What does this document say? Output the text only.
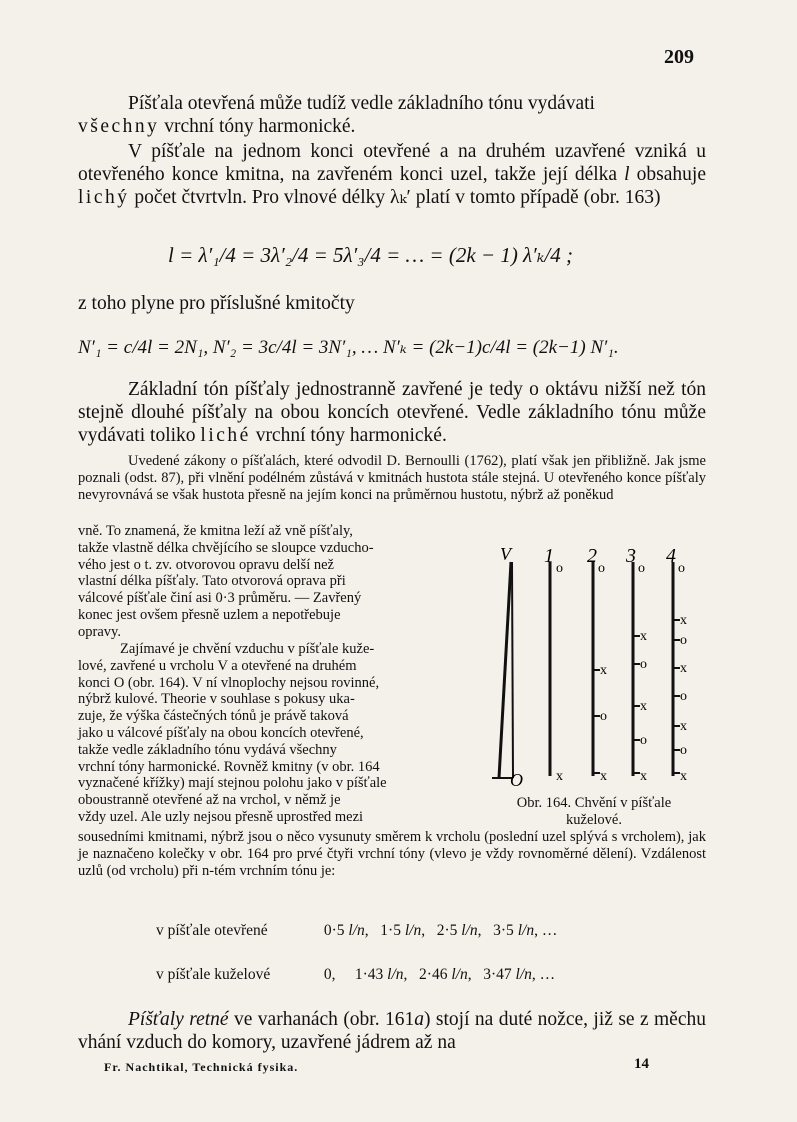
209

Píšťala otevřená může tudíž vedle základního tónu vydávati
všechny vrchní tóny harmonické.

V píšťale na jednom konci otevřené a na druhém uzavřené vzniká u otevřeného konce kmitna, na zavřeném konci uzel, takže její délka l obsahuje lichý počet čtvrtvln. Pro vlnové délky λₖ′ platí v tomto případě (obr. 163)

l = λ′₁/4 = 3λ′₂/4 = 5λ′₃/4 = … = (2k − 1) λ′ₖ/4 ;

z toho plyne pro příslušné kmitočty

N′₁ = c/4l = 2N₁, N′₂ = 3c/4l = 3N′₁, … N′ₖ = (2k−1)c/4l = (2k−1) N′₁.

Základní tón píšťaly jednostranně zavřené je tedy o oktávu nižší než tón stejně dlouhé píšťaly na obou koncích otevřené. Vedle základního tónu může vydávati toliko liché vrchní tóny harmonické.

Uvedené zákony o píšťalách, které odvodil D. Bernoulli (1762), platí však jen přibližně. Jak jsme poznali (odst. 87), při vlnění podélném zůstává v kmitnách hustota stále stejná. U otevřeného konce píšťaly nevyrovnává se však hustota přesně na jejím konci na průměrnou hustotu, nýbrž až poněkud
vně. To znamená, že kmitna leží až vně píšťaly,
takže vlastně délka chvějícího se sloupce vzducho-
vého jest o t. zv. otvorovou opravu delší než
vlastní délka píšťaly. Tato otvorová oprava při
válcové píšťale činí asi 0·3 průměru. — Zavřený
konec jest ovšem přesně uzlem a nepotřebuje
opravy.
Zajímavé je chvění vzduchu v píšťale kuže-
lové, zavřené u vrcholu V a otevřené na druhém
konci O (obr. 164). V ní vlnoplochy nejsou rovinné,
nýbrž kulové. Theorie v souhlase s pokusy uka-
zuje, že výška částečných tónů je právě taková
jako u válcové píšťaly na obou koncích otevřené,
takže vedle základního tónu vydává všechny
vrchní tóny harmonické. Rovněž kmitny (v obr. 164
vyznačené křížky) mají stejnou polohu jako v píšťale
oboustranně otevřené až na vrchol, v němž je
vždy uzel. Ale uzly nejsou přesně uprostřed mezi
V
O
1
o
x
2
o
x
o
x
3
o
x
o
x
o
x
4
o
x
o
x
o
x
o
x
Obr. 164. Chvění v píšťale
kuželové.
sousedními kmitnami, nýbrž jsou o něco vysunuty směrem k vrcholu (poslední uzel splývá s vrcholem), jak je naznačeno kolečky v obr. 164 pro prvé čtyři vrchní tóny (vlevo je vždy rovnoměrné dělení). Vzdálenost uzlů (od vrcholu) při n-tém vrchním tónu je:
v píšťale otevřené	0·5 l/n,   1·5 l/n,   2·5 l/n,   3·5 l/n, …
v píšťale kuželové	0, 1·43 l/n,   2·46 l/n,   3·47 l/n, …

Píšťaly retné ve varhanách (obr. 161a) stojí na duté nožce, již se z měchu vhání vzduch do komory, uzavřené jádrem až na

Fr. Nachtikal, Technická fysika.	14
